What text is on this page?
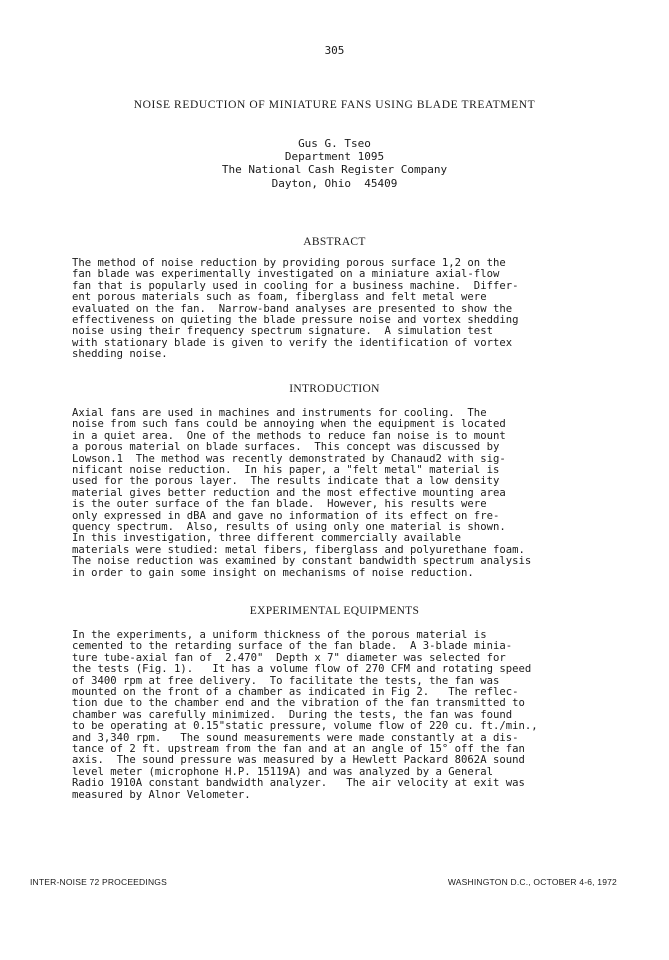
305
NOISE REDUCTION OF MINIATURE FANS USING BLADE TREATMENT
Gus G. Tseo
Department 1095
The National Cash Register Company
Dayton, Ohio  45409
ABSTRACT
The method of noise reduction by providing porous surface 1,2 on the
fan blade was experimentally investigated on a miniature axial-flow
fan that is popularly used in cooling for a business machine.  Differ-
ent porous materials such as foam, fiberglass and felt metal were
evaluated on the fan.  Narrow-band analyses are presented to show the
effectiveness on quieting the blade pressure noise and vortex shedding
noise using their frequency spectrum signature.  A simulation test
with stationary blade is given to verify the identification of vortex
shedding noise.
INTRODUCTION
Axial fans are used in machines and instruments for cooling.  The
noise from such fans could be annoying when the equipment is located
in a quiet area.  One of the methods to reduce fan noise is to mount
a porous material on blade surfaces.  This concept was discussed by
Lowson.1  The method was recently demonstrated by Chanaud2 with sig-
nificant noise reduction.  In his paper, a "felt metal" material is
used for the porous layer.  The results indicate that a low density
material gives better reduction and the most effective mounting area
is the outer surface of the fan blade.  However, his results were
only expressed in dBA and gave no information of its effect on fre-
quency spectrum.  Also, results of using only one material is shown.
In this investigation, three different commercially available
materials were studied: metal fibers, fiberglass and polyurethane foam.
The noise reduction was examined by constant bandwidth spectrum analysis
in order to gain some insight on mechanisms of noise reduction.
EXPERIMENTAL EQUIPMENTS
In the experiments, a uniform thickness of the porous material is
cemented to the retarding surface of the fan blade.  A 3-blade minia-
ture tube-axial fan of  2.470"  Depth x 7" diameter was selected for
the tests (Fig. 1).   It has a volume flow of 270 CFM and rotating speed
of 3400 rpm at free delivery.  To facilitate the tests, the fan was
mounted on the front of a chamber as indicated in Fig 2.   The reflec-
tion due to the chamber end and the vibration of the fan transmitted to
chamber was carefully minimized.  During the tests, the fan was found
to be operating at 0.15"static pressure, volume flow of 220 cu. ft./min.,
and 3,340 rpm.   The sound measurements were made constantly at a dis-
tance of 2 ft. upstream from the fan and at an angle of 15° off the fan
axis.  The sound pressure was measured by a Hewlett Packard 8062A sound
level meter (microphone H.P. 15119A) and was analyzed by a General
Radio 1910A constant bandwidth analyzer.   The air velocity at exit was
measured by Alnor Velometer.
INTER-NOISE 72 PROCEEDINGS	WASHINGTON D.C., OCTOBER 4-6, 1972
